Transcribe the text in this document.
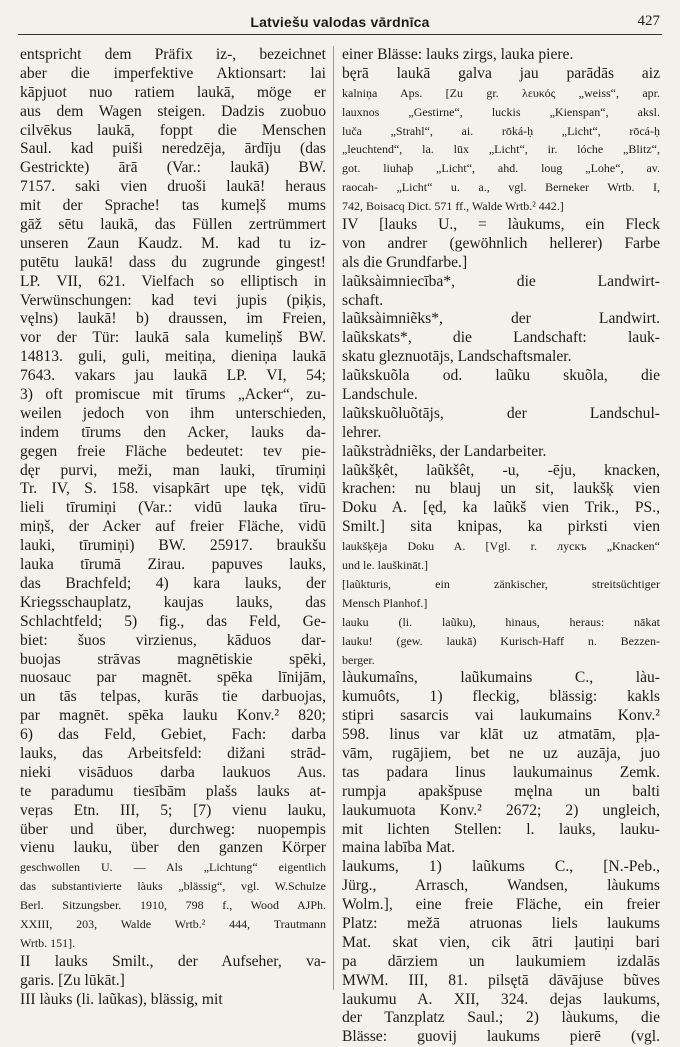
Latviešu valodas vārdnīca	427
entspricht dem Präfix iz-, bezeichnet
aber die imperfektive Aktionsart: lai
kāpjuot nuo ratiem laukā, möge er
aus dem Wagen steigen. Dadzis zuobuo
cilvēkus laukā, foppt die Menschen
Saul. kad puiši neredzēja, ārdīju (das
Gestrickte) ārā (Var.: laukā) BW.
7157. saki vien druoši laukā! heraus
mit der Sprache! tas kumeļš mums
gāž sētu laukā, das Füllen zertrümmert
unseren Zaun Kaudz. M. kad tu iz-
putētu laukā! dass du zugrunde gingest!
LP. VII, 621. Vielfach so elliptisch in
Verwünschungen: kad tevi jupis (piķis,
vęlns) laukā! b) draussen, im Freien,
vor der Tür: laukā sala kumeliņš BW.
14813. guli, guli, meitiņa, dieniņa laukā
7643. vakars jau laukā LP. VI, 54;
3) oft promiscue mit tīrums „Acker“, zu-
weilen jedoch von ihm unterschieden,
indem tīrums den Acker, lauks da-
gegen freie Fläche bedeutet: tev pie-
dęr purvi, meži, man lauki, tīrumiņi
Tr. IV, S. 158. visapkārt upe tęk, vidū
lieli tīrumiņi (Var.: vidū lauka tīru-
miņš, der Acker auf freier Fläche, vidū
lauki, tīrumiņi) BW. 25917. braukšu
lauka tīrumā Zirau. papuves lauks,
das Brachfeld; 4) kara lauks, der
Kriegsschauplatz, kaujas lauks, das
Schlachtfeld; 5) fig., das Feld, Ge-
biet: šuos virzienus, kāduos dar-
buojas strāvas magnētiskie spēki,
nuosauc par magnēt. spēka līnijām,
un tās telpas, kurās tie darbuojas,
par magnēt. spēka lauku Konv.² 820;
6) das Feld, Gebiet, Fach: darba
lauks, das Arbeitsfeld: dižani strād-
nieki visāduos darba laukuos Aus.
te paradumu tiesībām plašs lauks at-
veŗas Etn. III, 5; [7) vienu lauku,
über und über, durchweg: nuopempis
vienu lauku, über den ganzen Körper
geschwollen U. — Als „Lichtung“ eigentlich
das substantivierte làuks „blässig“, vgl. W.Schulze
Berl. Sitzungsber. 1910, 798 f., Wood AJPh.
XXIII, 203, Walde Wrtb.² 444, Trautmann
Wrtb. 151].
II lauks Smilt., der Aufseher, va-
garis. [Zu lūkāt.]
III làuks (li. laũkas), blässig, mit
einer Blässe: lauks zirgs, lauka piere.
bęrā laukā galva jau parādās aiz
kalniņa Aps. [Zu gr. λευκός „weiss“, apr.
lauxnos „Gestirne“, luckis „Kienspan“, aksl.
luča „Strahl“, ai. rōká-ḥ „Licht“, rōcá-ḥ
„leuchtend“, la. lūx „Licht“, ir. lóche „Blitz“,
got. liuhaþ „Licht“, ahd. loug „Lohe“, av.
raocah- „Licht“ u. a., vgl. Berneker Wrtb. I,
742, Boisacq Dict. 571 ff., Walde Wrtb.² 442.]
IV [lauks U., = làukums, ein Fleck
von andrer (gewöhnlich hellerer) Farbe
als die Grundfarbe.]
laũksàimniecība*, die Landwirt-
schaft.
laũksàimniẽks*, der Landwirt.
laũkskats*, die Landschaft: lauk-
skatu gleznuotājs, Landschaftsmaler.
laũkskuõla od. laũku skuõla, die
Landschule.
laũkskuõluõtājs, der Landschul-
lehrer.
laũkstràdniẽks, der Landarbeiter.
laũkšķêt, laũkšêt, -u, -ēju, knacken,
krachen: nu blauj un sit, laukšķ vien
Doku A. [ęd, ka laũkš vien Trik., PS.,
Smilt.] sita knipas, ka pirksti vien
laukšķēja Doku A. [Vgl. r. лускъ „Knacken“
und le. lauškināt.]
[laũkturis, ein zänkischer, streitsüchtiger
Mensch Planhof.]
lauku (li. laũku), hinaus, heraus: nākat
lauku! (gew. laukā) Kurisch-Haff n. Bezzen-
berger.
làukumaîns, laũkumains C., làu-
kumuôts, 1) fleckig, blässig: kakls
stipri sasarcis vai laukumains Konv.²
598. linus var klāt uz atmatām, pļa-
vām, rugājiem, bet ne uz auzāja, juo
tas padara linus laukumainus Zemk.
rumpja apakšpuse męlna un balti
laukumuota Konv.² 2672; 2) ungleich,
mit lichten Stellen: l. lauks, lauku-
maina labība Mat.
laukums, 1) laũkums C., [N.-Peb.,
Jürg., Arrasch, Wandsen, làukums
Wolm.], eine freie Fläche, ein freier
Platz: mežā atruonas liels laukums
Mat. skat vien, cik ātri ļautiņi bari
pa dārziem un laukumiem izdalās
MWM. III, 81. pilsętā dāvājuse bũves
laukumu A. XII, 324. dejas laukums,
der Tanzplatz Saul.; 2) làukums, die
Blässe: guovij laukums pierē (vgl.
